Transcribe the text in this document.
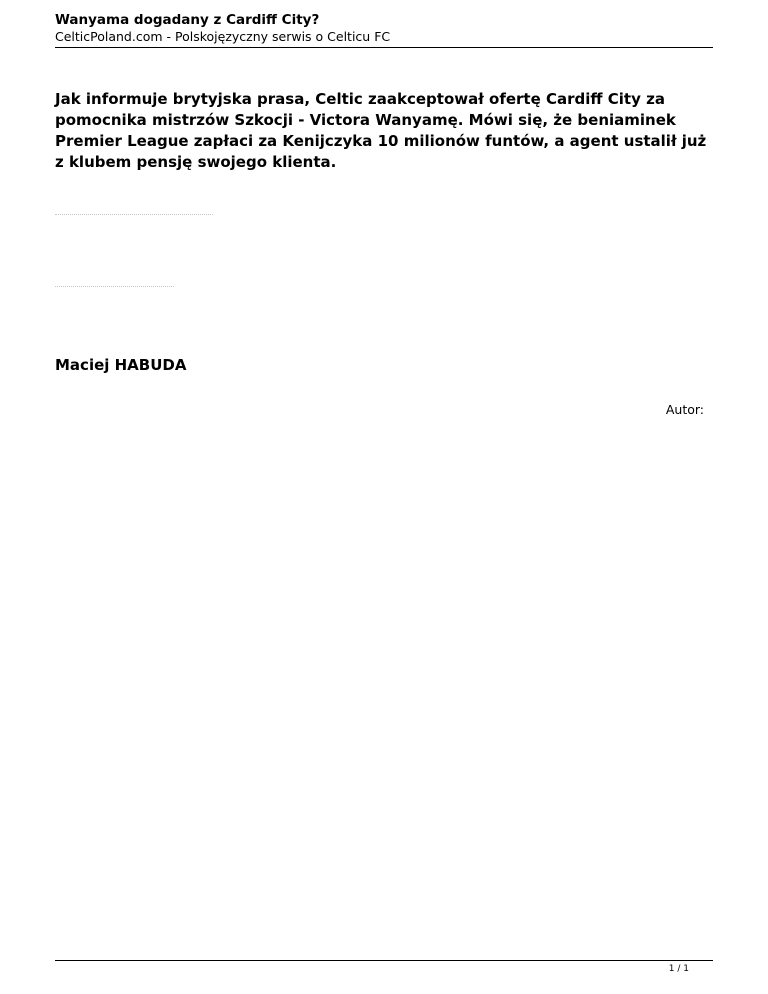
Wanyama dogadany z Cardiff City?
CelticPoland.com - Polskojęzyczny serwis o Celticu FC

Jak informuje brytyjska prasa, Celtic zaakceptował ofertę Cardiff City za pomocnika mistrzów Szkocji - Victora Wanyamę. Mówi się, że beniaminek Premier League zapłaci za Kenijczyka 10 milionów funtów, a agent ustalił już z klubem pensję swojego klienta.

Maciej HABUDA
Autor:
1 / 1
